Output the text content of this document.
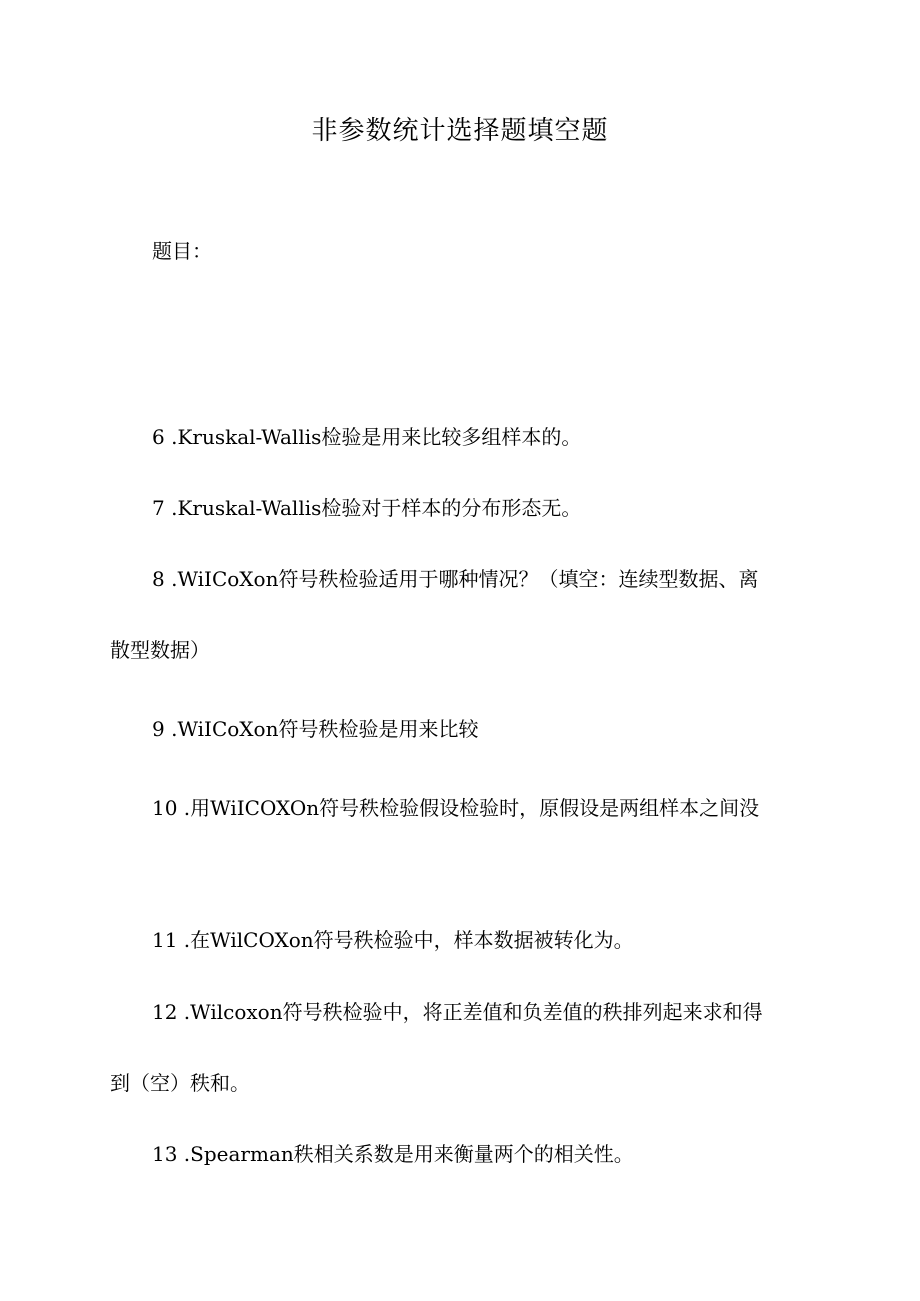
非参数统计选择题填空题
题目：
6 .Kruskal-Wallis检验是用来比较多组样本的。
7 .Kruskal-Wallis检验对于样本的分布形态无。
8 .WiICoXon符号秩检验适用于哪种情况？（填空：连续型数据、离
散型数据）
9 .WiICoXon符号秩检验是用来比较
10 .用WiICOXOn符号秩检验假设检验时，原假设是两组样本之间没
11 .在WilCOXon符号秩检验中，样本数据被转化为。
12 .Wilcoxon符号秩检验中，将正差值和负差值的秩排列起来求和得
到（空）秩和。
13 .Spearman秩相关系数是用来衡量两个的相关性。
